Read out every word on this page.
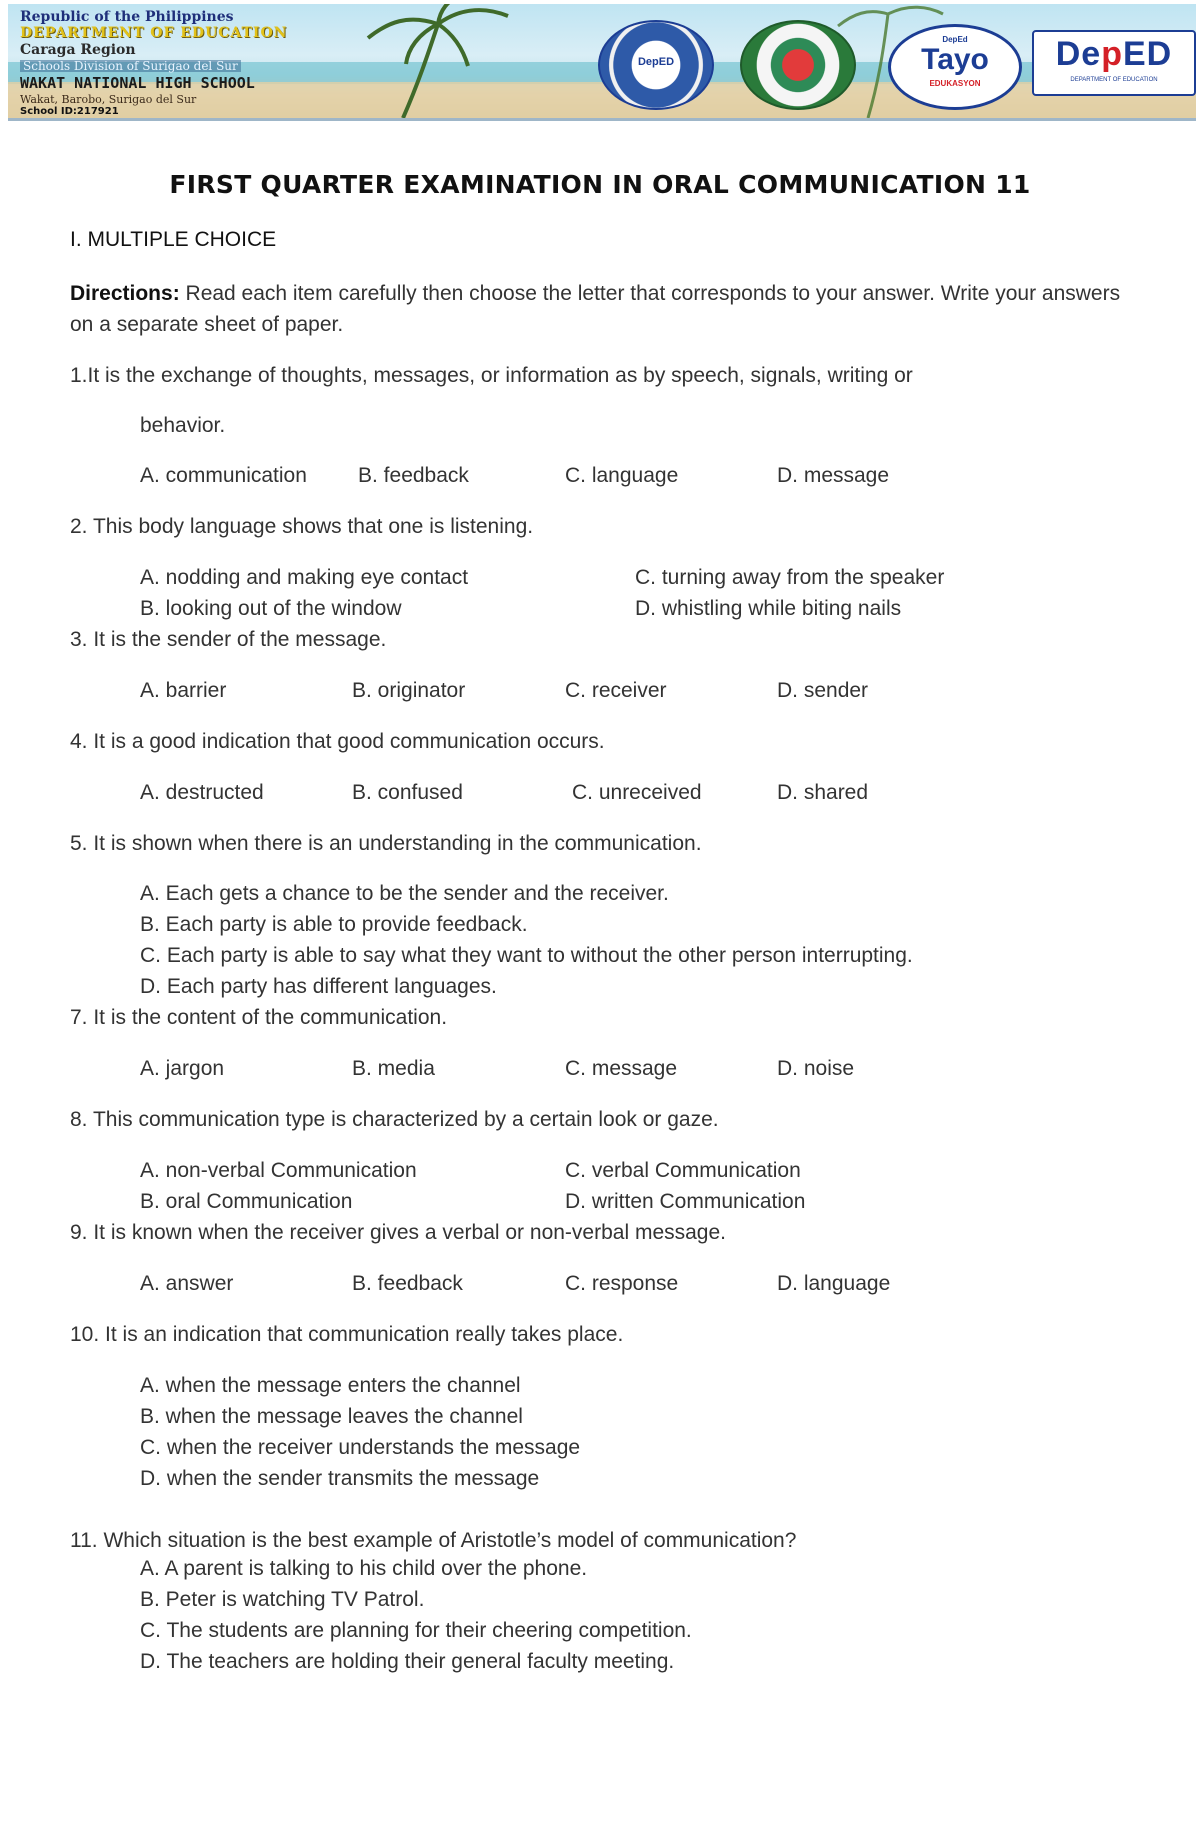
Republic of the Philippines
DEPARTMENT OF EDUCATION
Caraga Region
Schools Division of Surigao del Sur
WAKAT NATIONAL HIGH SCHOOL
Wakat, Barobo, Surigao del Sur
School ID:217921
DepED
DepEd
Tayo
EDUKASYON
DepED
DEPARTMENT OF EDUCATION
FIRST QUARTER EXAMINATION IN ORAL COMMUNICATION 11
I. MULTIPLE CHOICE
Directions: Read each item carefully then choose the letter that corresponds to your answer. Write your answers on a separate sheet of paper.
1.It is the exchange of thoughts, messages, or information as by speech, signals, writing or
behavior.
A. communication B. feedback	C. language	D. message
2. This body language shows that one is listening.
A. nodding and making eye contact	C. turning away from the speaker
B. looking out of the window	D. whistling while biting nails
3. It is the sender of the message.
A. barrier	B. originator	C. receiver	D. sender
4. It is a good indication that good communication occurs.
A. destructed	B. confused	C. unreceived	D. shared
5. It is shown when there is an understanding in the communication.
A. Each gets a chance to be the sender and the receiver.
B. Each party is able to provide feedback.
C. Each party is able to say what they want to without the other person interrupting.
D. Each party has different languages.
7. It is the content of the communication.
A. jargon	B. media	C. message	D. noise
8. This communication type is characterized by a certain look or gaze.
A. non-verbal Communication	C. verbal Communication
B. oral Communication	D. written Communication
9. It is known when the receiver gives a verbal or non-verbal message.
A. answer	B. feedback	C. response	D. language
10. It is an indication that communication really takes place.
A. when the message enters the channel
B. when the message leaves the channel
C. when the receiver understands the message
D. when the sender transmits the message
11. Which situation is the best example of Aristotle’s model of communication?
A. A parent is talking to his child over the phone.
B. Peter is watching TV Patrol.
C. The students are planning for their cheering competition.
D. The teachers are holding their general faculty meeting.
